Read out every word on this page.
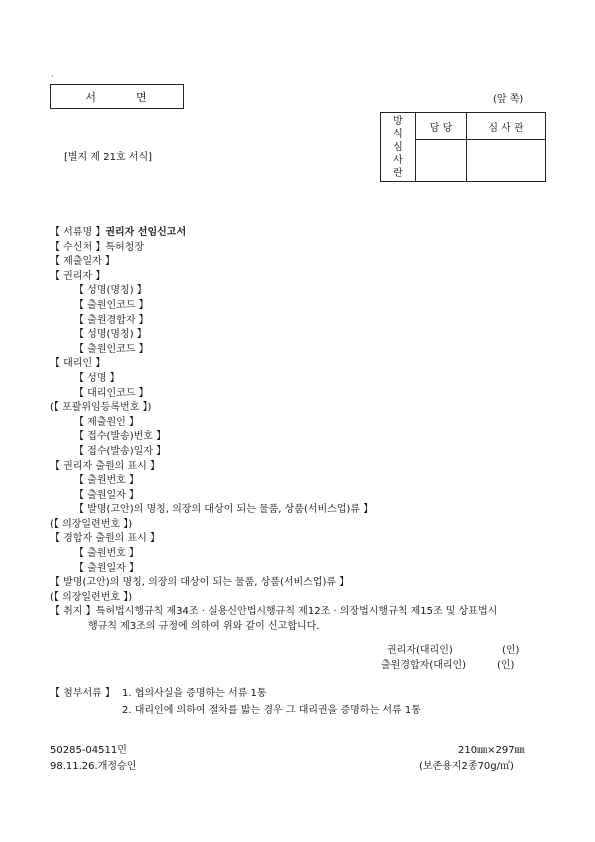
·
서	면	(앞 쪽)
[별지 제 21호 서식]
방
식
심
사
란	담 당	심 사 관

【 서류명 】권리자 선임신고서
【 수신처 】특허청장
【 제출일자 】
【 권리자 】
【 성명(명칭) 】
【 출원인코드 】
【 출원경합자 】
【 성명(명칭) 】
【 출원인코드 】
【 대리인 】
【 성명 】
【 대리인코드 】
(【 포괄위임등록번호 】)
【 제출원인 】
【 접수(발송)번호 】
【 접수(발송)일자 】
【 권리자 출원의 표시 】
【 출원번호 】
【 출원일자 】
【 발명(고안)의 명칭, 의장의 대상이 되는 물품, 상품(서비스업)류 】
(【 의장일련번호 】)
【 경합자 출원의 표시 】
【 출원번호 】
【 출원일자 】
【 발명(고안)의 명칭, 의장의 대상이 되는 물품, 상품(서비스업)류 】
(【 의장일련번호 】)
【 취지 】특허법시행규칙 제34조 · 실용신안법시행규칙 제12조 · 의장법시행규칙 제15조 및 상표법시
행규칙 제3조의 규정에 의하여 위와 같이 신고합니다.
권리자(대리인)	(인)
출원경합자(대리인)	(인)
【 첨부서류 】 1. 협의사실을 증명하는 서류 1통
2. 대리인에 의하여 절차를 밟는 경우 그 대리권을 증명하는 서류 1통
50285-04511민
98.11.26.개정승인
210㎜×297㎜
(보존용지2종70g/㎡)
